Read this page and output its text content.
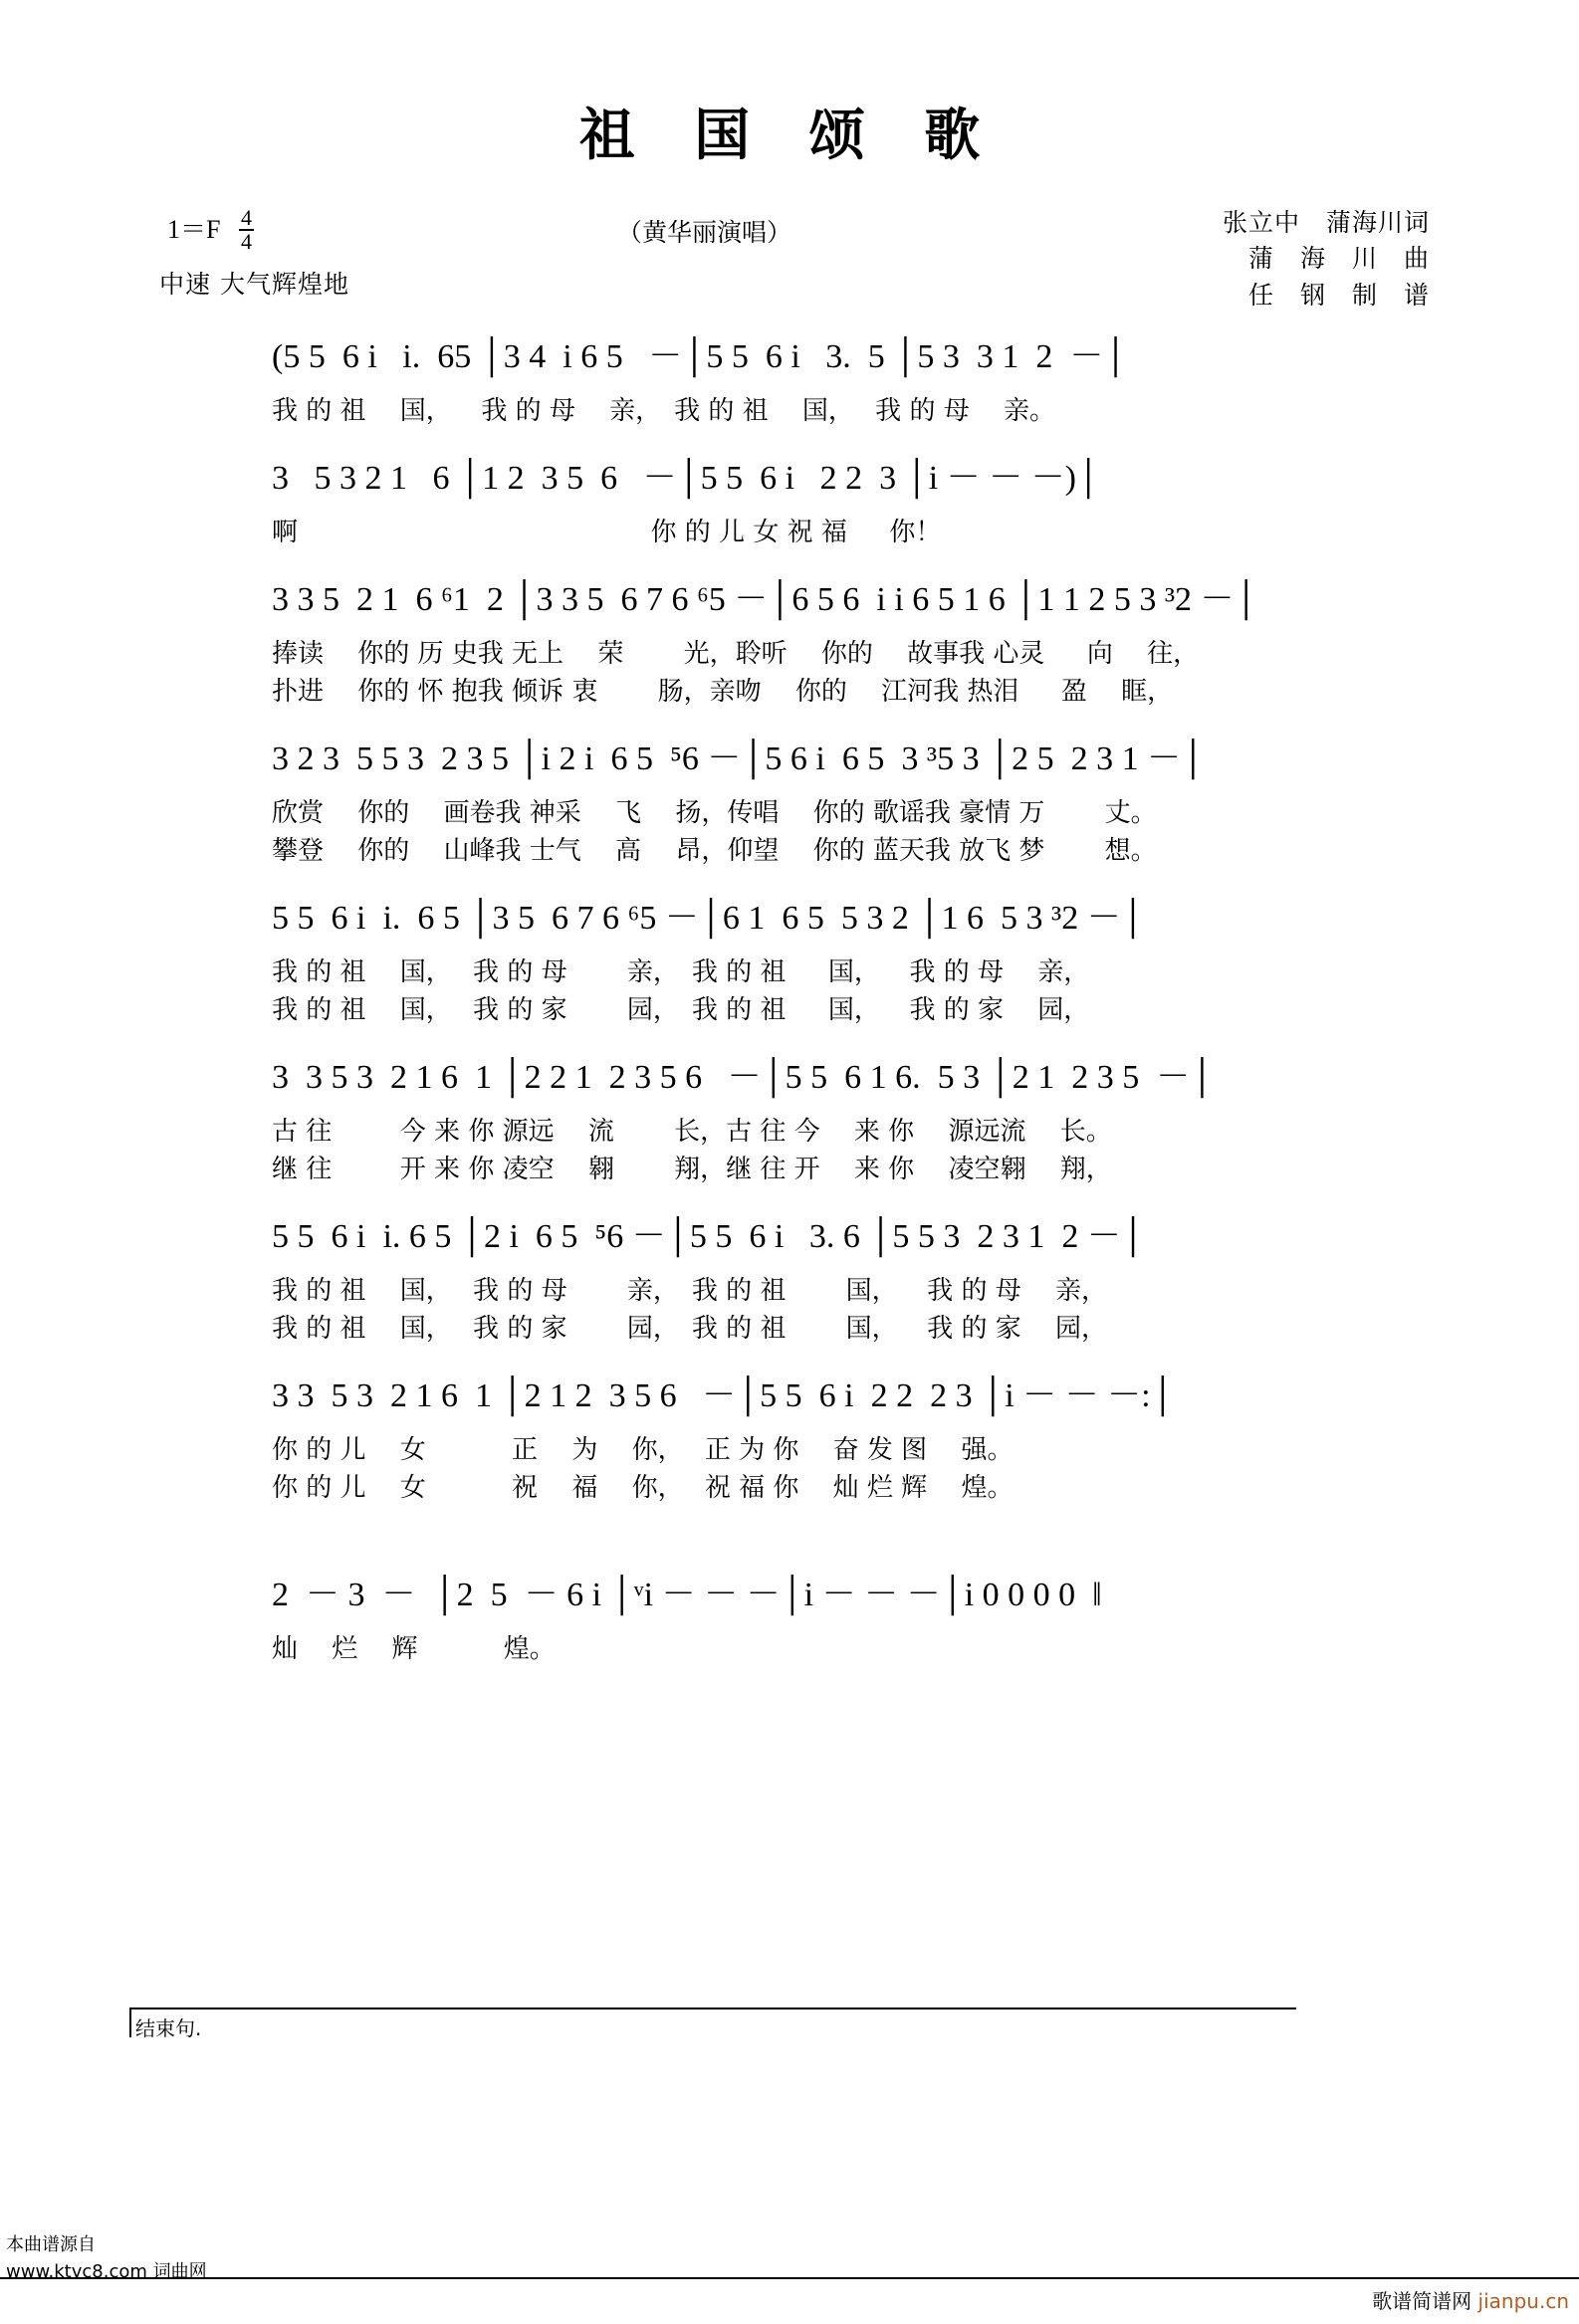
祖 国 颂 歌
$1=F \frac{4}{4}$
中速 大气辉煌地
（黄华丽演唱）	张立中　蒲海川词
蒲　海　川　曲
任　钢　制　谱
(5 5  6 i   i.  65 │3 4  i 6 5   －│5 5  6 i   3.  5 │5 3  3 1  2  －│
我 的 祖　 国，　  我 的 母　 亲，　我 的 祖　 国，　 我 的 母　 亲。
3   5 3 2 1   6 │1 2  3 5  6   －│5 5  6 i   2 2  3 │i － － －)│
啊　　　　　　　　　　　　　  你 的 儿 女 祝 福　  你！
3 3 5  2 1  6 ⁶1  2 │3 3 5  6 7 6 ⁶5 －│6 5 6  i i 6 5 1 6 │1 1 2 5 3 ³2 －│
捧读　 你的 历 史我 无上　 荣　　 光，聆听　 你的　 故事我 心灵　  向　 往，
扑进　 你的 怀 抱我 倾诉 衷　　 肠，亲吻　 你的　 江河我 热泪　  盈　 眶，
3 2 3  5 5 3  2 3 5 │i 2 i  6 5  ⁵6 －│5 6 i  6 5  3 ³5 3 │2 5  2 3 1 －│
欣赏　 你的　 画卷我 神采　 飞　 扬，传唱　 你的 歌谣我 豪情 万　　 丈。
攀登　 你的　 山峰我 士气　 高　 昂，仰望　 你的 蓝天我 放飞 梦　　 想。
5 5  6 i  i.  6 5 │3 5  6 7 6 ⁶5 －│6 1  6 5  5 3 2 │1 6  5 3 ³2 －│
我 的 祖　 国，　 我 的 母　　 亲，　我 的 祖　  国，　  我 的 母　 亲，
我 的 祖　 国，　 我 的 家　　 园，　我 的 祖　  国，　  我 的 家　 园，
3  3 5 3  2 1 6  1 │2 2 1  2 3 5 6   －│5 5  6 1 6.  5 3 │2 1  2 3 5  －│
古 往　　  今 来 你 源远　 流　　 长，古 往 今　 来 你　 源远流　 长。
继 往　　  开 来 你 凌空　 翱　　 翔，继 往 开　 来 你　 凌空翱　 翔，
5 5  6 i  i. 6 5 │2 i  6 5  ⁵6 －│5 5  6 i   3. 6 │5 5 3  2 3 1  2 －│
我 的 祖　 国，　 我 的 母　　 亲，　我 的 祖　　 国，　  我 的 母　 亲，
我 的 祖　 国，　 我 的 家　　 园，　我 的 祖　　 国，　  我 的 家　 园，
3 3  5 3  2 1 6  1 │2 1 2  3 5 6   －│5 5  6 i  2 2  2 3 │i － － －:│
你 的 儿　 女　　　 正　 为　 你，　 正 为 你　 奋 发 图　 强。
你 的 儿　 女　　　 祝　 福　 你，　 祝 福 你　 灿 烂 辉　 煌。
2  － 3  －  │2  5  － 6 i │ᵛi － － －│i － － －│i 0 0 0 0  ‖
灿　 烂　 辉　　　 煌。
结束句.
本曲谱源自
www.ktvc8.com 词曲网
歌谱简谱网 jianpu.cn
